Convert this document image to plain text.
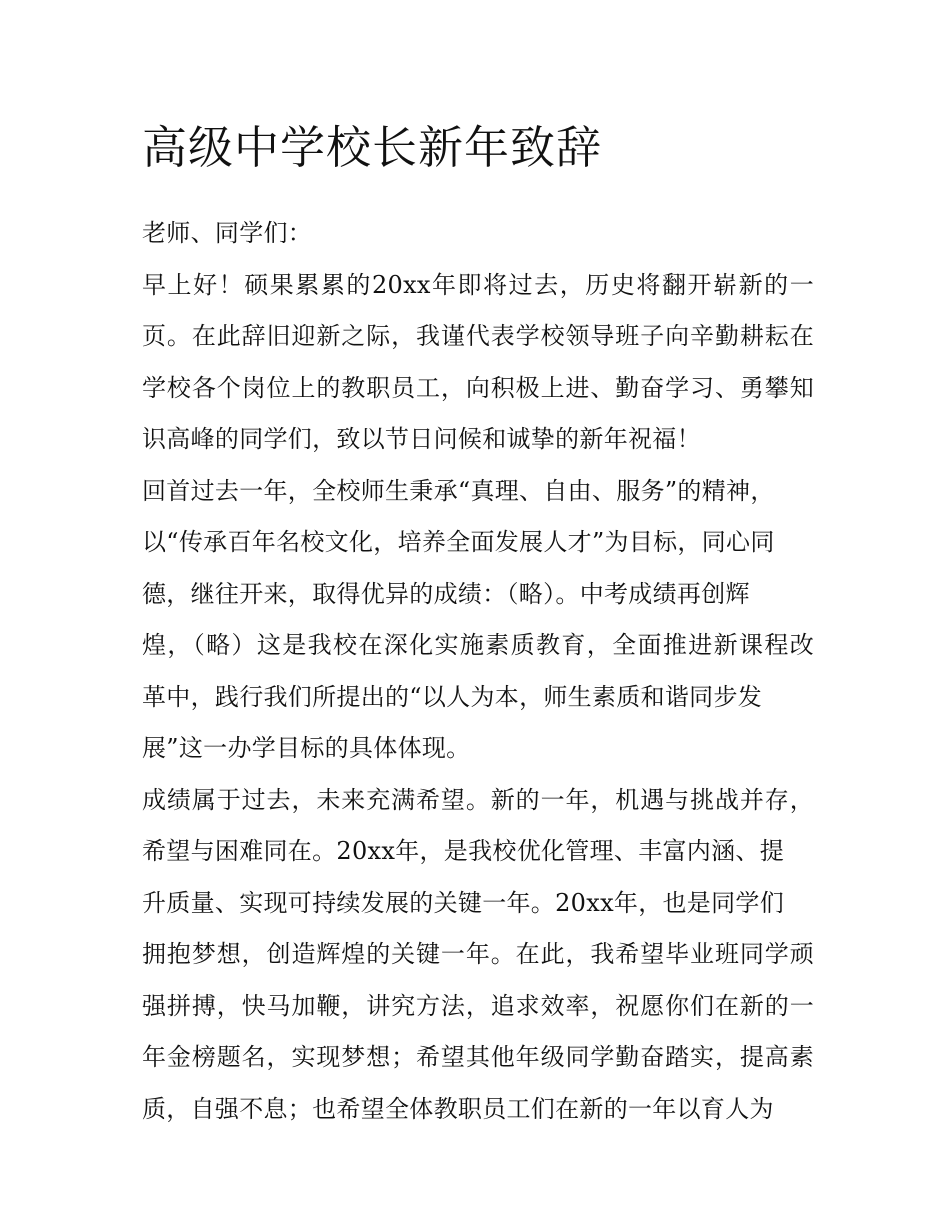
高级中学校长新年致辞
老师、同学们：
早上好！硕果累累的20xx年即将过去，历史将翻开崭新的一
页。在此辞旧迎新之际，我谨代表学校领导班子向辛勤耕耘在
学校各个岗位上的教职员工，向积极上进、勤奋学习、勇攀知
识高峰的同学们，致以节日问候和诚挚的新年祝福！
回首过去一年，全校师生秉承“真理、自由、服务”的精神，
以“传承百年名校文化，培养全面发展人才”为目标，同心同
德，继往开来，取得优异的成绩：（略）。中考成绩再创辉
煌，（略）这是我校在深化实施素质教育，全面推进新课程改
革中，践行我们所提出的“以人为本，师生素质和谐同步发
展”这一办学目标的具体体现。
成绩属于过去，未来充满希望。新的一年，机遇与挑战并存，
希望与困难同在。20xx年，是我校优化管理、丰富内涵、提
升质量、实现可持续发展的关键一年。20xx年，也是同学们
拥抱梦想，创造辉煌的关键一年。在此，我希望毕业班同学顽
强拼搏，快马加鞭，讲究方法，追求效率，祝愿你们在新的一
年金榜题名，实现梦想；希望其他年级同学勤奋踏实，提高素
质，自强不息；也希望全体教职员工们在新的一年以育人为
